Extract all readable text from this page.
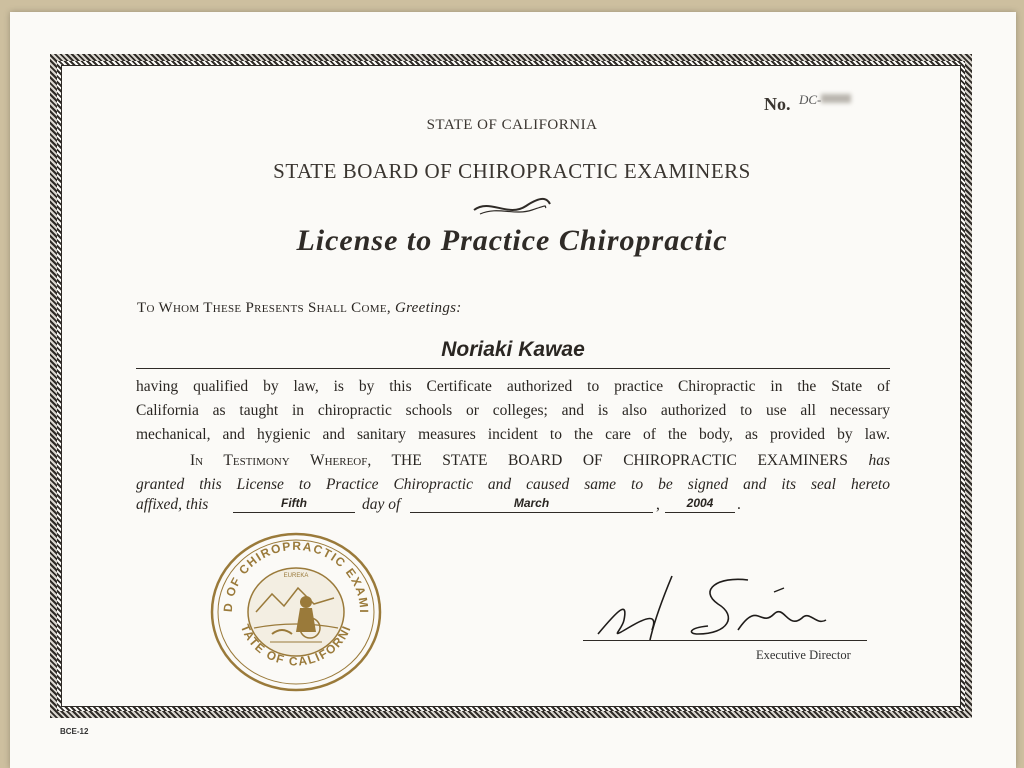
No. $^{DC-}$
STATE OF CALIFORNIA
STATE BOARD OF CHIROPRACTIC EXAMINERS
License to Practice Chiropractic
To Whom These Presents Shall Come, Greetings:
Noriaki Kawae
having qualified by law, is by this Certificate authorized to practice Chiropractic in the State of
California as taught in chiropractic schools or colleges; and is also authorized to use all necessary
mechanical, and hygienic and sanitary measures incident to the care of the body, as provided by law.
In Testimony Whereof, THE STATE BOARD OF CHIROPRACTIC EXAMINERS has
granted this License to Practice Chiropractic and caused same to be signed and its seal hereto
affixed, this	Fifth	day of	March	,	2004	.
D OF CHIROPRACTIC EXAMI
TATE OF CALIFORNI
EUREKA
Executive Director
BCE-12
